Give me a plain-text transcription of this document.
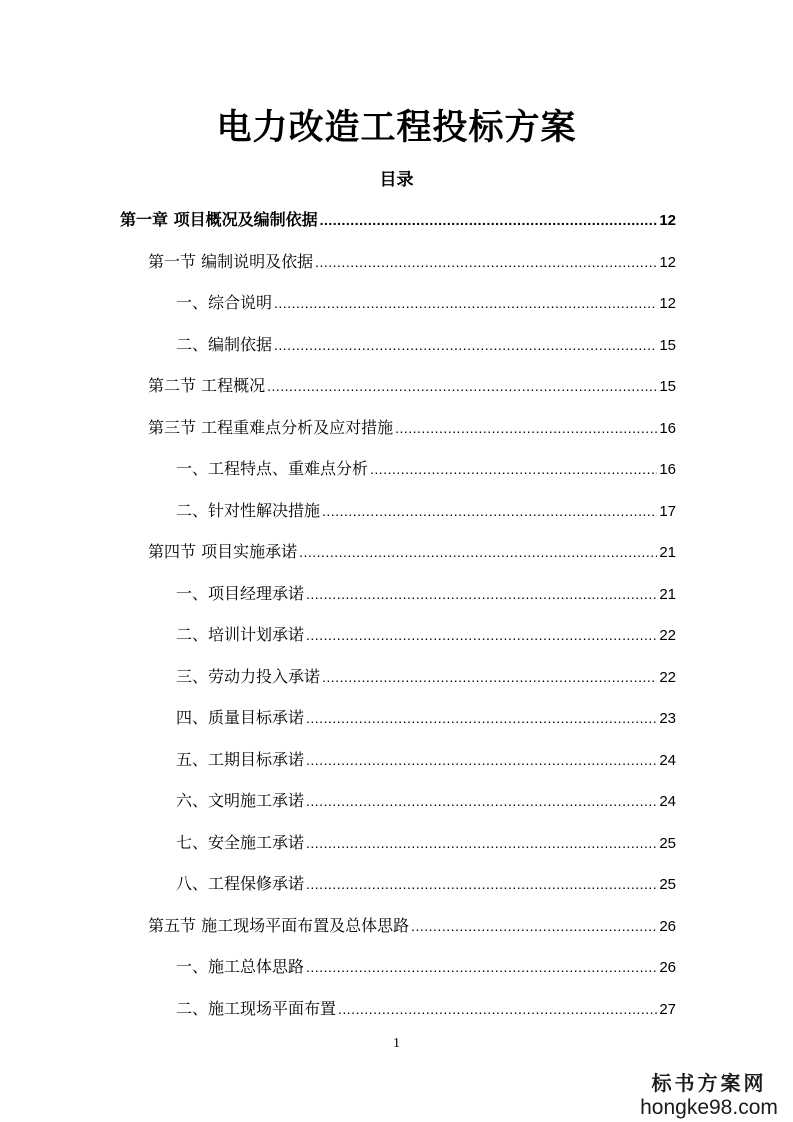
电力改造工程投标方案
目录
第一章 项目概况及编制依据 .....	12
第一节 编制说明及依据 .....	12
一、综合说明 .....	12
二、编制依据 .....	15
第二节 工程概况 .....	15
第三节 工程重难点分析及应对措施 .....	16
一、工程特点、重难点分析 .....	16
二、针对性解决措施 .....	17
第四节 项目实施承诺 .....	21
一、项目经理承诺 .....	21
二、培训计划承诺 .....	22
三、劳动力投入承诺 .....	22
四、质量目标承诺 .....	23
五、工期目标承诺 .....	24
六、文明施工承诺 .....	24
七、安全施工承诺 .....	25
八、工程保修承诺 .....	25
第五节 施工现场平面布置及总体思路 .....	26
一、施工总体思路 .....	26
二、施工现场平面布置 .....	27
1
标书方案网
hongke98.com
